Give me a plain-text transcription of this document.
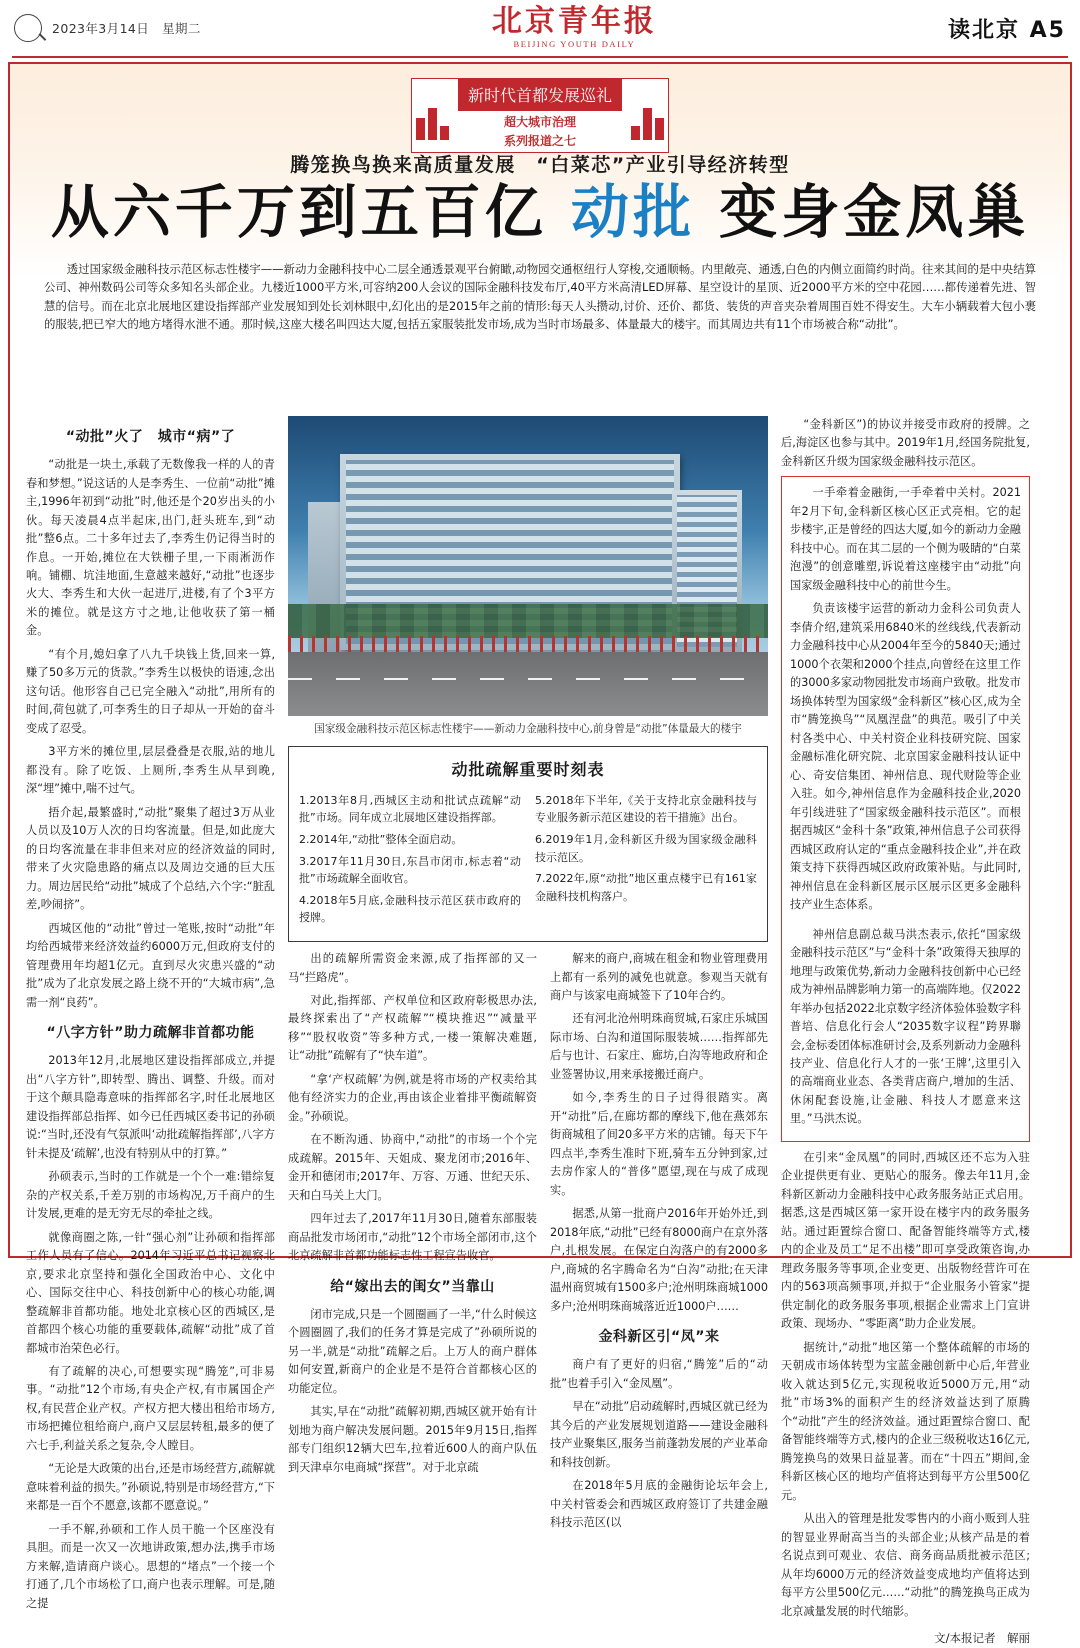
2023年3月14日　星期二	北京青年报
BEIJING YOUTH DAILY
读北京 A5
新时代首都发展巡礼
超大城市治理
系列报道之七
腾笼换鸟换来高质量发展　“白菜芯”产业引导经济转型
从六千万到五百亿 动批 变身金凤巢
透过国家级金融科技示范区标志性楼宇——新动力金融科技中心二层全通透景观平台俯瞰,动物园交通枢纽行人穿梭,交通顺畅。内里敞亮、通透,白色的内侧立面简约时尚。往来其间的是中央结算公司、神州数码公司等众多知名头部企业。九楼近1000平方米,可容纳200人会议的国际金融科技发布厅,40平方米高清LED屏幕、星空设计的星顶、近2000平方米的空中花园……都传递着先进、智慧的信号。而在北京北展地区建设指挥部产业发展知到处长刘林眼中,幻化出的是2015年之前的情形:每天人头攒动,讨价、还价、都货、装货的声音夹杂着周围百姓不得安生。大车小辆载着大包小裹的服装,把已窄大的地方堵得水泄不通。那时候,这座大楼名叫四达大厦,包括五家服装批发市场,成为当时市场最多、体量最大的楼宇。而其周边共有11个市场被合称“动批”。
“动批”火了　城市“病”了

“动批是一块土,承载了无数像我一样的人的青春和梦想。”说这话的人是李秀生、一位前“动批”摊主,1996年初到“动批”时,他还是个20岁出头的小伙。每天凌晨4点半起床,出门,赶头班车,到“动批”整6点。二十多年过去了,李秀生仍记得当时的作息。一开始,摊位在大铁栅子里,一下雨淅沥作响。铺棚、坑洼地面,生意越来越好,“动批”也逐步火大、李秀生和大伙一起进厅,进楼,有了个3平方米的摊位。就是这方寸之地,让他收获了第一桶金。

“有个月,媳妇拿了八九千块钱上货,回来一算,赚了50多万元的货款。”李秀生以极快的语速,念出这句话。他形容自己已完全融入“动批”,用所有的时间,荷包就了,可李秀生的日子却从一开始的奋斗变成了忍受。

3平方米的摊位里,层层叠叠是衣服,站的地儿都没有。除了吃饭、上厕所,李秀生从早到晚,深“埋”摊中,喘不过气。

捂介起,最繁盛时,“动批”聚集了超过3万从业人员以及10万人次的日均客流量。但是,如此庞大的日均客流量在非非但来对应的经济效益的同时,带来了火灾隐患路的痛点以及周边交通的巨大压力。周边居民给“动批”城成了个总结,六个字:“脏乱差,吵闹挤”。

西城区他的“动批”曾过一笔账,按时“动批”年均给西城带来经济效益约6000万元,但政府支付的管理费用年均超1亿元。直到尽火灾患兴盛的“动批”成为了北京发展之路上绕不开的“大城市病”,急需一剂“良药”。

“八字方针”助力疏解非首都功能

2013年12月,北展地区建设指挥部成立,并提出“八字方针”,即转型、腾出、调整、升级。而对于这个颠具隐毒意味的指挥部名字,时任北展地区建设指挥部总指挥、如今已任西城区委书记的孙硕说:“当时,还没有气氛派叫‘动批疏解指挥部’,八字方针未提及‘疏解’,也没有特别从中的打算。”

孙硕表示,当时的工作就是一个个一难:错综复杂的产权关系,千差万别的市场构况,万千商户的生计发展,更难的是无穷无尽的牵扯之线。

就像商圈之陈,一针“强心剂”让孙硕和指挥部工作人员有了信心。2014年习近平总书记视察北京,要求北京坚持和强化全国政治中心、文化中心、国际交往中心、科技创新中心的核心功能,调整疏解非首都功能。地处北京核心区的西城区,是首都四个核心功能的重要载体,疏解“动批”成了首都城市治荣色必行。

有了疏解的决心,可想要实现“腾笼”,可非易事。“动批”12个市场,有央企产权,有市属国企产权,有民营企业产权。产权方把大楼出租给市场方,市场把摊位租给商户,商户又层层转租,最多的便了六七手,利益关系之复杂,令人瞠目。

“无论是大政策的出台,还是市场经营方,疏解就意味着利益的损失。”孙硕说,特别是市场经营方,“下来都是一百个不愿意,该都不愿意说。”

一手不解,孙硕和工作人员干脆一个区座没有具胆。而是一次又一次地讲政策,想办法,携手市场方来解,造请商户谈心。思想的“堵点”一个接一个打通了,几个市场松了口,商户也表示理解。可是,随之提

国家级金融科技示范区标志性楼宇——新动力金融科技中心,前身曾是“动批”体量最大的楼宇
动批疏解重要时刻表
1.2013年8月,西城区主动和批试点疏解“动批”市场。同年成立北展地区建设指挥部。
2.2014年,“动批”整体全面启动。
3.2017年11月30日,东昌市闭市,标志着“动批”市场疏解全面收官。
4.2018年5月底,金融科技示范区获市政府的授牌。
5.2018年下半年,《关于支持北京金融科技与专业服务新示范区建设的若干措施》出台。
6.2019年1月,金科新区升级为国家级金融科技示范区。
7.2022年,原“动批”地区重点楼宇已有161家金融科技机构落户。

出的疏解所需资金来源,成了指挥部的又一马“拦路虎”。

对此,指挥部、产权单位和区政府彰极思办法,最终探索出了“产权疏解”“模块推迟”“减量平移”“股权收资”等多种方式,一楼一策解决难题,让“动批”疏解有了“快车道”。

“拿‘产权疏解’为例,就是将市场的产权卖给其他有经济实力的企业,再由该企业着排平衡疏解资金。”孙硕说。

在不断沟通、协商中,“动批”的市场一个个完成疏解。2015年、天姐成、聚龙闭市;2016年、金开和德闭市;2017年、万容、万通、世纪天乐、天和白马关上大门。

四年过去了,2017年11月30日,随着东部服装商品批发市场闭市,“动批”12个市场全部闭市,这个北京疏解非首都功能标志性工程宣告收官。

给“嫁出去的闺女”当靠山

闭市完成,只是一个圆圈画了一半,“什么时候这个圆圈圆了,我们的任务才算是完成了”孙硕所说的另一半,就是“动批”疏解之后。上万人的商户群体如何安置,新商户的企业是不是符合首都核心区的功能定位。

其实,早在“动批”疏解初期,西城区就开始有计划地为商户解决发展问题。2015年9月15日,指挥部专门组织12辆大巴车,拉着近600人的商户队伍到天津卓尔电商城“探营”。对于北京疏

解来的商户,商城在租金和物业管理费用上都有一系列的减免也就意。参观当天就有商户与该家电商城签下了10年合约。

还有河北沧州明珠商贸城,石家庄乐城国际市场、白沟和道国际服装城……指挥部先后与也计、石家庄、廊坊,白沟等地政府和企业签署协议,用来承接搬迁商户。

如今,李秀生的日子过得很踏实。离开“动批”后,在廊坊都的摩线下,他在燕郊东街商城租了间20多平方米的店铺。每天下午四点半,李秀生准时下班,骑车五分钟到家,过去房作家人的“普侈”愿望,现在与成了成现实。

据悉,从第一批商户2016年开始外迁,到2018年底,“动批”已经有8000商户在京外落户,扎根发展。在保定白沟落户的有2000多户,商城的名字腾命名为“白沟”动批;在天津温州商贸城有1500多户;沧州明珠商城1000多户;沧州明珠商城落近近1000户……

金科新区引“凤”来

商户有了更好的归宿,“腾笼”后的“动批”也着手引入“金凤凰”。

早在“动批”启动疏解时,西城区就已经为其今后的产业发展规划道路——建设金融科技产业聚集区,服务当前蓬勃发展的产业革命和科技创新。

在2018年5月底的金融街论坛年会上,中关村管委会和西城区政府签订了共建金融科技示范区(以

“金科新区”)的协议并接受市政府的授牌。之后,海淀区也参与其中。2019年1月,经国务院批复,金科新区升级为国家级金融科技示范区。

一手牵着金融街,一手牵着中关村。2021年2月下旬,金科新区核心区正式亮相。它的起步楼宇,正是曾经的四达大厦,如今的新动力金融科技中心。而在其二层的一个侧为吸睛的“白菜泡漫”的创意雕塑,诉说着这座楼宇由“动批”向国家级金融科技中心的前世今生。

负责该楼宇运营的新动力金科公司负责人李倩介绍,建筑采用6840米的丝线线,代表新动力金融科技中心从2004年至今的5840天;通过1000个衣架和2000个挂点,向曾经在这里工作的3000多家动物园批发市场商户致敬。批发市场换体转型为国家级“金科新区”核心区,成为全市“腾笼换鸟”“凤凰涅盘”的典范。吸引了中关村各类中心、中关村资企业科技研究院、国家金融标准化研究院、北京国家金融科技认证中心、奇安信集团、神州信息、现代财险等企业入驻。如今,神州信息作为金融科技企业,2020年引线进驻了“国家级金融科技示范区”。而根据西城区“金科十条”政策,神州信息子公司获得西城区政府认定的“重点金融科技企业”,并在政策支持下获得西城区政府政策补贴。与此同时,神州信息在金科新区展示区展示区更多金融科技产业生态体系。

神州信息副总裁马洪杰表示,依托“国家级金融科技示范区”与“金科十条”政策得天独厚的地理与政策优势,新动力金融科技创新中心已经成为神州品牌影响力第一的高端阵地。仅2022年举办包括2022北京数字经济体验体验数字科普培、信息化行会人“2035数字议程”跨界聯会,金标委团体标准研讨会,及系列新动力金融科技产业、信息化行人才的一张‘王牌’,这里引入的高端商业业态、各类背店商户,增加的生活、休闲配套设施,让金融、科技人才愿意来这里。”马洪杰说。

在引来“金凤凰”的同时,西城区还不忘为入驻企业提供更有业、更贴心的服务。像去年11月,金科新区新动力金融科技中心政务服务站正式启用。据悉,这是西城区第一家开设在楼宇内的政务服务站。通过距置综合窗口、配备智能终端等方式,楼内的企业及员工“足不出楼”即可享受政策咨询,办理政务服务等事项,企业变更、出版物经营许可在内的563项高频事项,并拟于“企业服务小管家”提供定制化的政务服务事项,根据企业需求上门宣讲政策、现场办、“零距离”助力企业发展。

据统计,“动批”地区第一个整体疏解的市场的天朝成市场体转型为宝蓝金融创新中心后,年营业收入就达到5亿元,实现税收近5000万元,用“动批”市场3%的面积产生的经济效益达到了原腾个“动批”产生的经济效益。通过距置综合窗口、配备智能终端等方式,楼内的企业三级税收达16亿元,腾笼换鸟的效果日益显著。而在“十四五”期间,金科新区核心区的地均产值将达到每平方公里500亿元。

从出入的管理是批发零售内的小商小贩到人驻的智显业界耐高当当的头部企业;从核产品是的着名说点到可观业、农信、商务商品质批被示范区;从年均6000万元的经济效益变成地均产值将达到每平方公里500亿元……“动批”的腾笼换鸟正成为北京减量发展的时代缩影。

文/本报记者　解丽
